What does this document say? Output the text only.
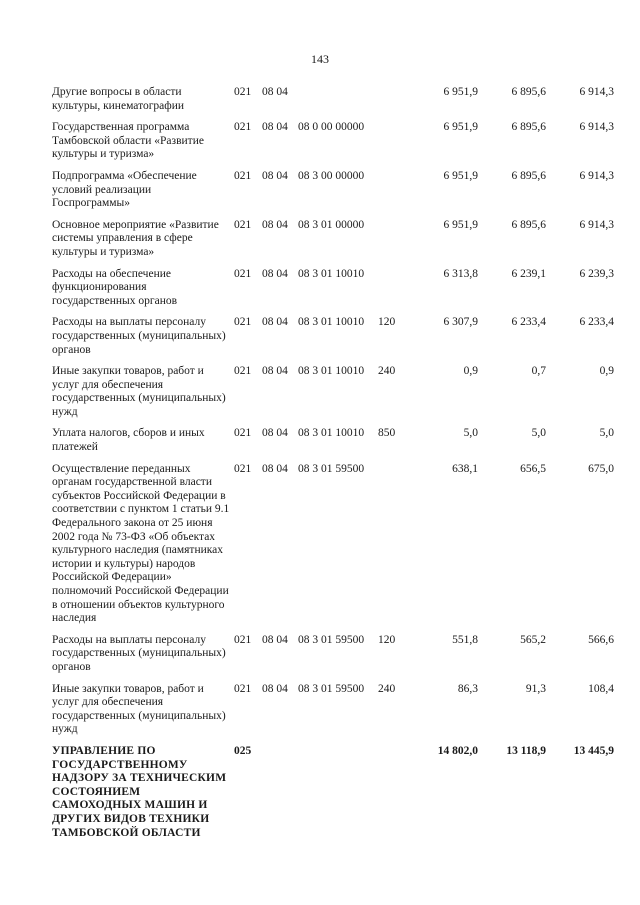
143
Другие вопросы в области культуры, кинематографии	021	08 04			6 951,9	6 895,6	6 914,3
Государственная программа Тамбовской области «Развитие культуры и туризма»	021	08 04	08 0 00 00000		6 951,9	6 895,6	6 914,3
Подпрограмма «Обеспечение условий реализации Госпрограммы»	021	08 04	08 3 00 00000		6 951,9	6 895,6	6 914,3
Основное мероприятие «Развитие системы управления в сфере культуры и туризма»	021	08 04	08 3 01 00000		6 951,9	6 895,6	6 914,3
Расходы на обеспечение функционирования государственных органов	021	08 04	08 3 01 10010		6 313,8	6 239,1	6 239,3
Расходы на выплаты персоналу государственных (муниципальных) органов	021	08 04	08 3 01 10010	120	6 307,9	6 233,4	6 233,4
Иные закупки товаров, работ и услуг для обеспечения государственных (муниципальных) нужд	021	08 04	08 3 01 10010	240	0,9	0,7	0,9
Уплата налогов, сборов и иных платежей	021	08 04	08 3 01 10010	850	5,0	5,0	5,0
Осуществление переданных органам государственной власти субъектов Российской Федерации в соответствии с пунктом 1 статьи 9.1 Федерального закона от 25 июня 2002 года № 73-ФЗ «Об объектах культурного наследия (памятниках истории и культуры) народов Российской Федерации» полномочий Российской Федерации в отношении объектов культурного наследия	021	08 04	08 3 01 59500		638,1	656,5	675,0
Расходы на выплаты персоналу государственных (муниципальных) органов	021	08 04	08 3 01 59500	120	551,8	565,2	566,6
Иные закупки товаров, работ и услуг для обеспечения государственных (муниципальных) нужд	021	08 04	08 3 01 59500	240	86,3	91,3	108,4
УПРАВЛЕНИЕ ПО ГОСУДАРСТВЕННОМУ НАДЗОРУ ЗА ТЕХНИЧЕСКИМ СОСТОЯНИЕМ САМОХОДНЫХ МАШИН И ДРУГИХ ВИДОВ ТЕХНИКИ ТАМБОВСКОЙ ОБЛАСТИ	025				14 802,0	13 118,9	13 445,9
